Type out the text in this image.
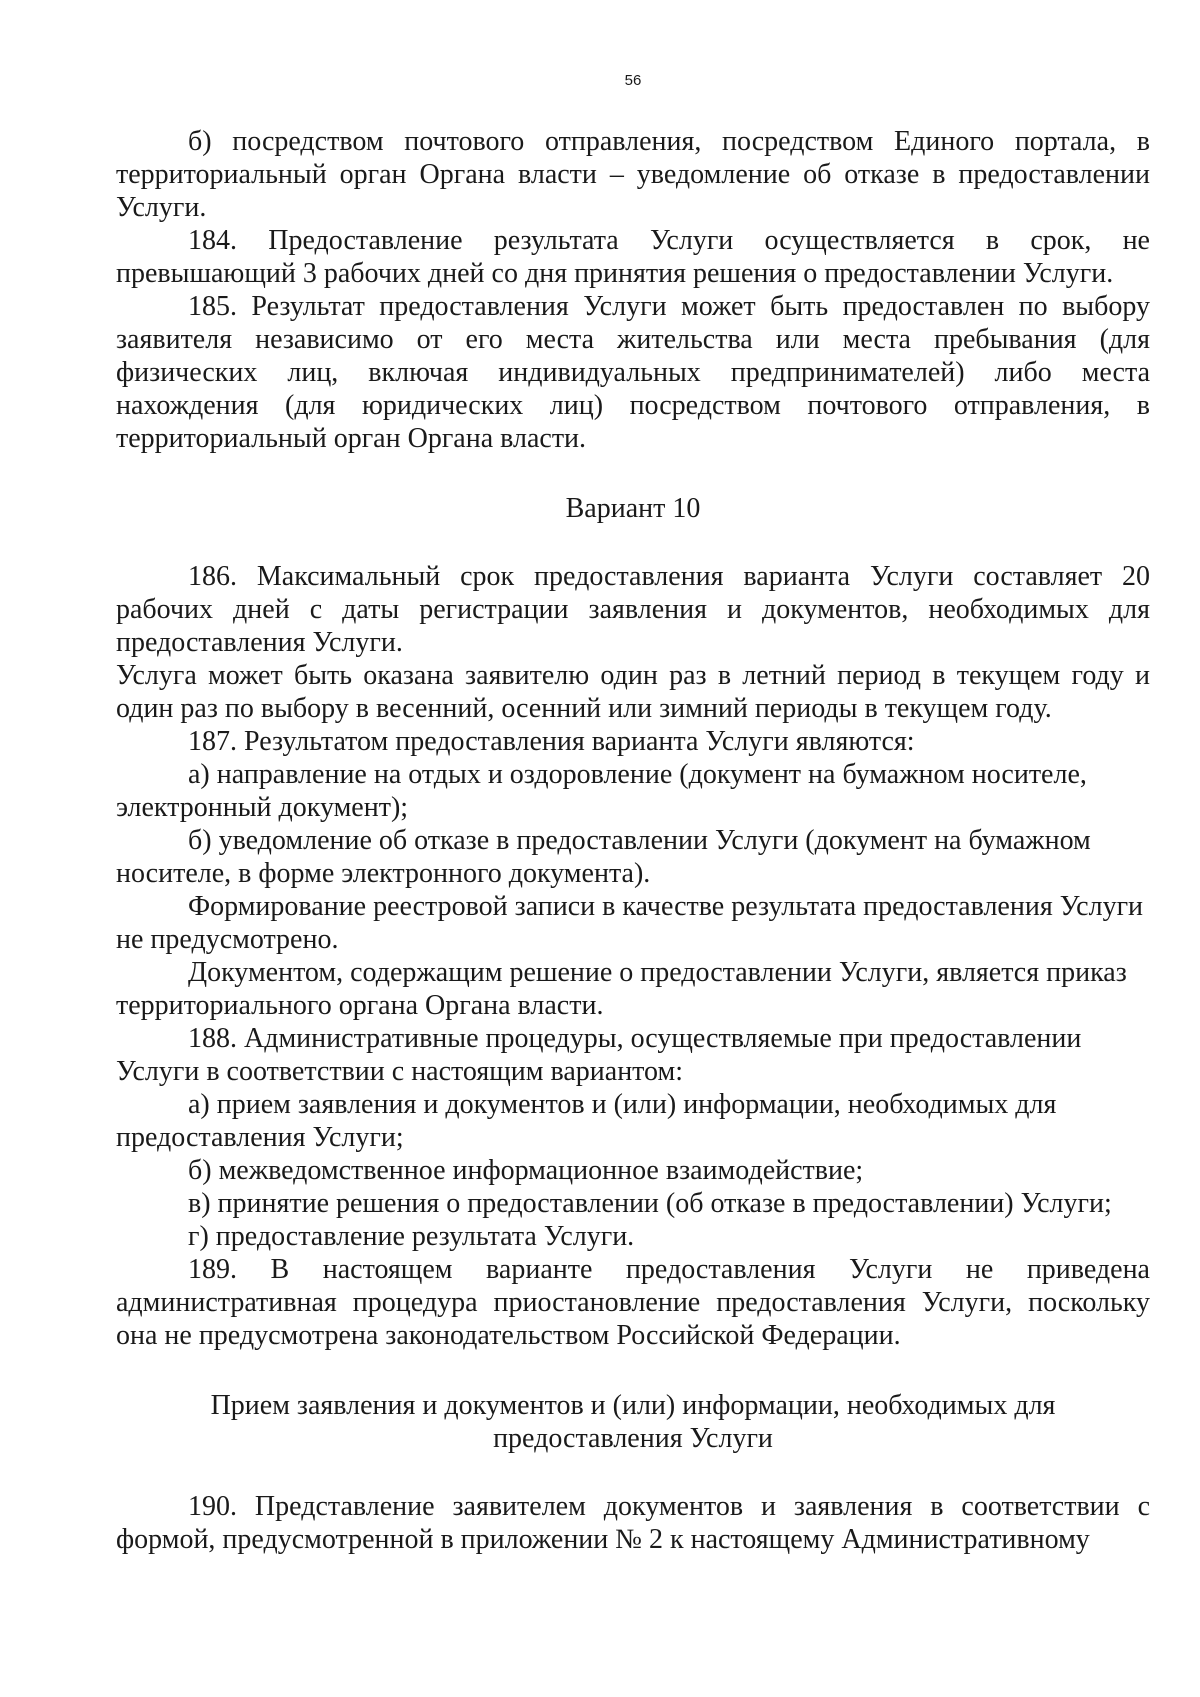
56

б) посредством почтового отправления, посредством Единого портала, в территориальный орган Органа власти – уведомление об отказе в предоставлении Услуги.

184. Предоставление результата Услуги осуществляется в срок, не превышающий 3 рабочих дней со дня принятия решения о предоставлении Услуги.

185. Результат предоставления Услуги может быть предоставлен по выбору заявителя независимо от его места жительства или места пребывания (для физических лиц, включая индивидуальных предпринимателей) либо места нахождения (для юридических лиц) посредством почтового отправления, в территориальный орган Органа власти.

Вариант 10

186. Максимальный срок предоставления варианта Услуги составляет 20 рабочих дней с даты регистрации заявления и документов, необходимых для предоставления Услуги.

Услуга может быть оказана заявителю один раз в летний период в текущем году и один раз по выбору в весенний, осенний или зимний периоды в текущем году.

187. Результатом предоставления варианта Услуги являются:

а) направление на отдых и оздоровление (документ на бумажном носителе, электронный документ);

б) уведомление об отказе в предоставлении Услуги (документ на бумажном носителе, в форме электронного документа).

Формирование реестровой записи в качестве результата предоставления Услуги не предусмотрено.

Документом, содержащим решение о предоставлении Услуги, является приказ территориального органа Органа власти.

188. Административные процедуры, осуществляемые при предоставлении Услуги в соответствии с настоящим вариантом:

а) прием заявления и документов и (или) информации, необходимых для предоставления Услуги;

б) межведомственное информационное взаимодействие;

в) принятие решения о предоставлении (об отказе в предоставлении) Услуги;

г) предоставление результата Услуги.

189. В настоящем варианте предоставления Услуги не приведена административная процедура приостановление предоставления Услуги, поскольку она не предусмотрена законодательством Российской Федерации.

Прием заявления и документов и (или) информации, необходимых для

предоставления Услуги

190. Представление заявителем документов и заявления в соответствии с формой, предусмотренной в приложении № 2 к настоящему Административному
